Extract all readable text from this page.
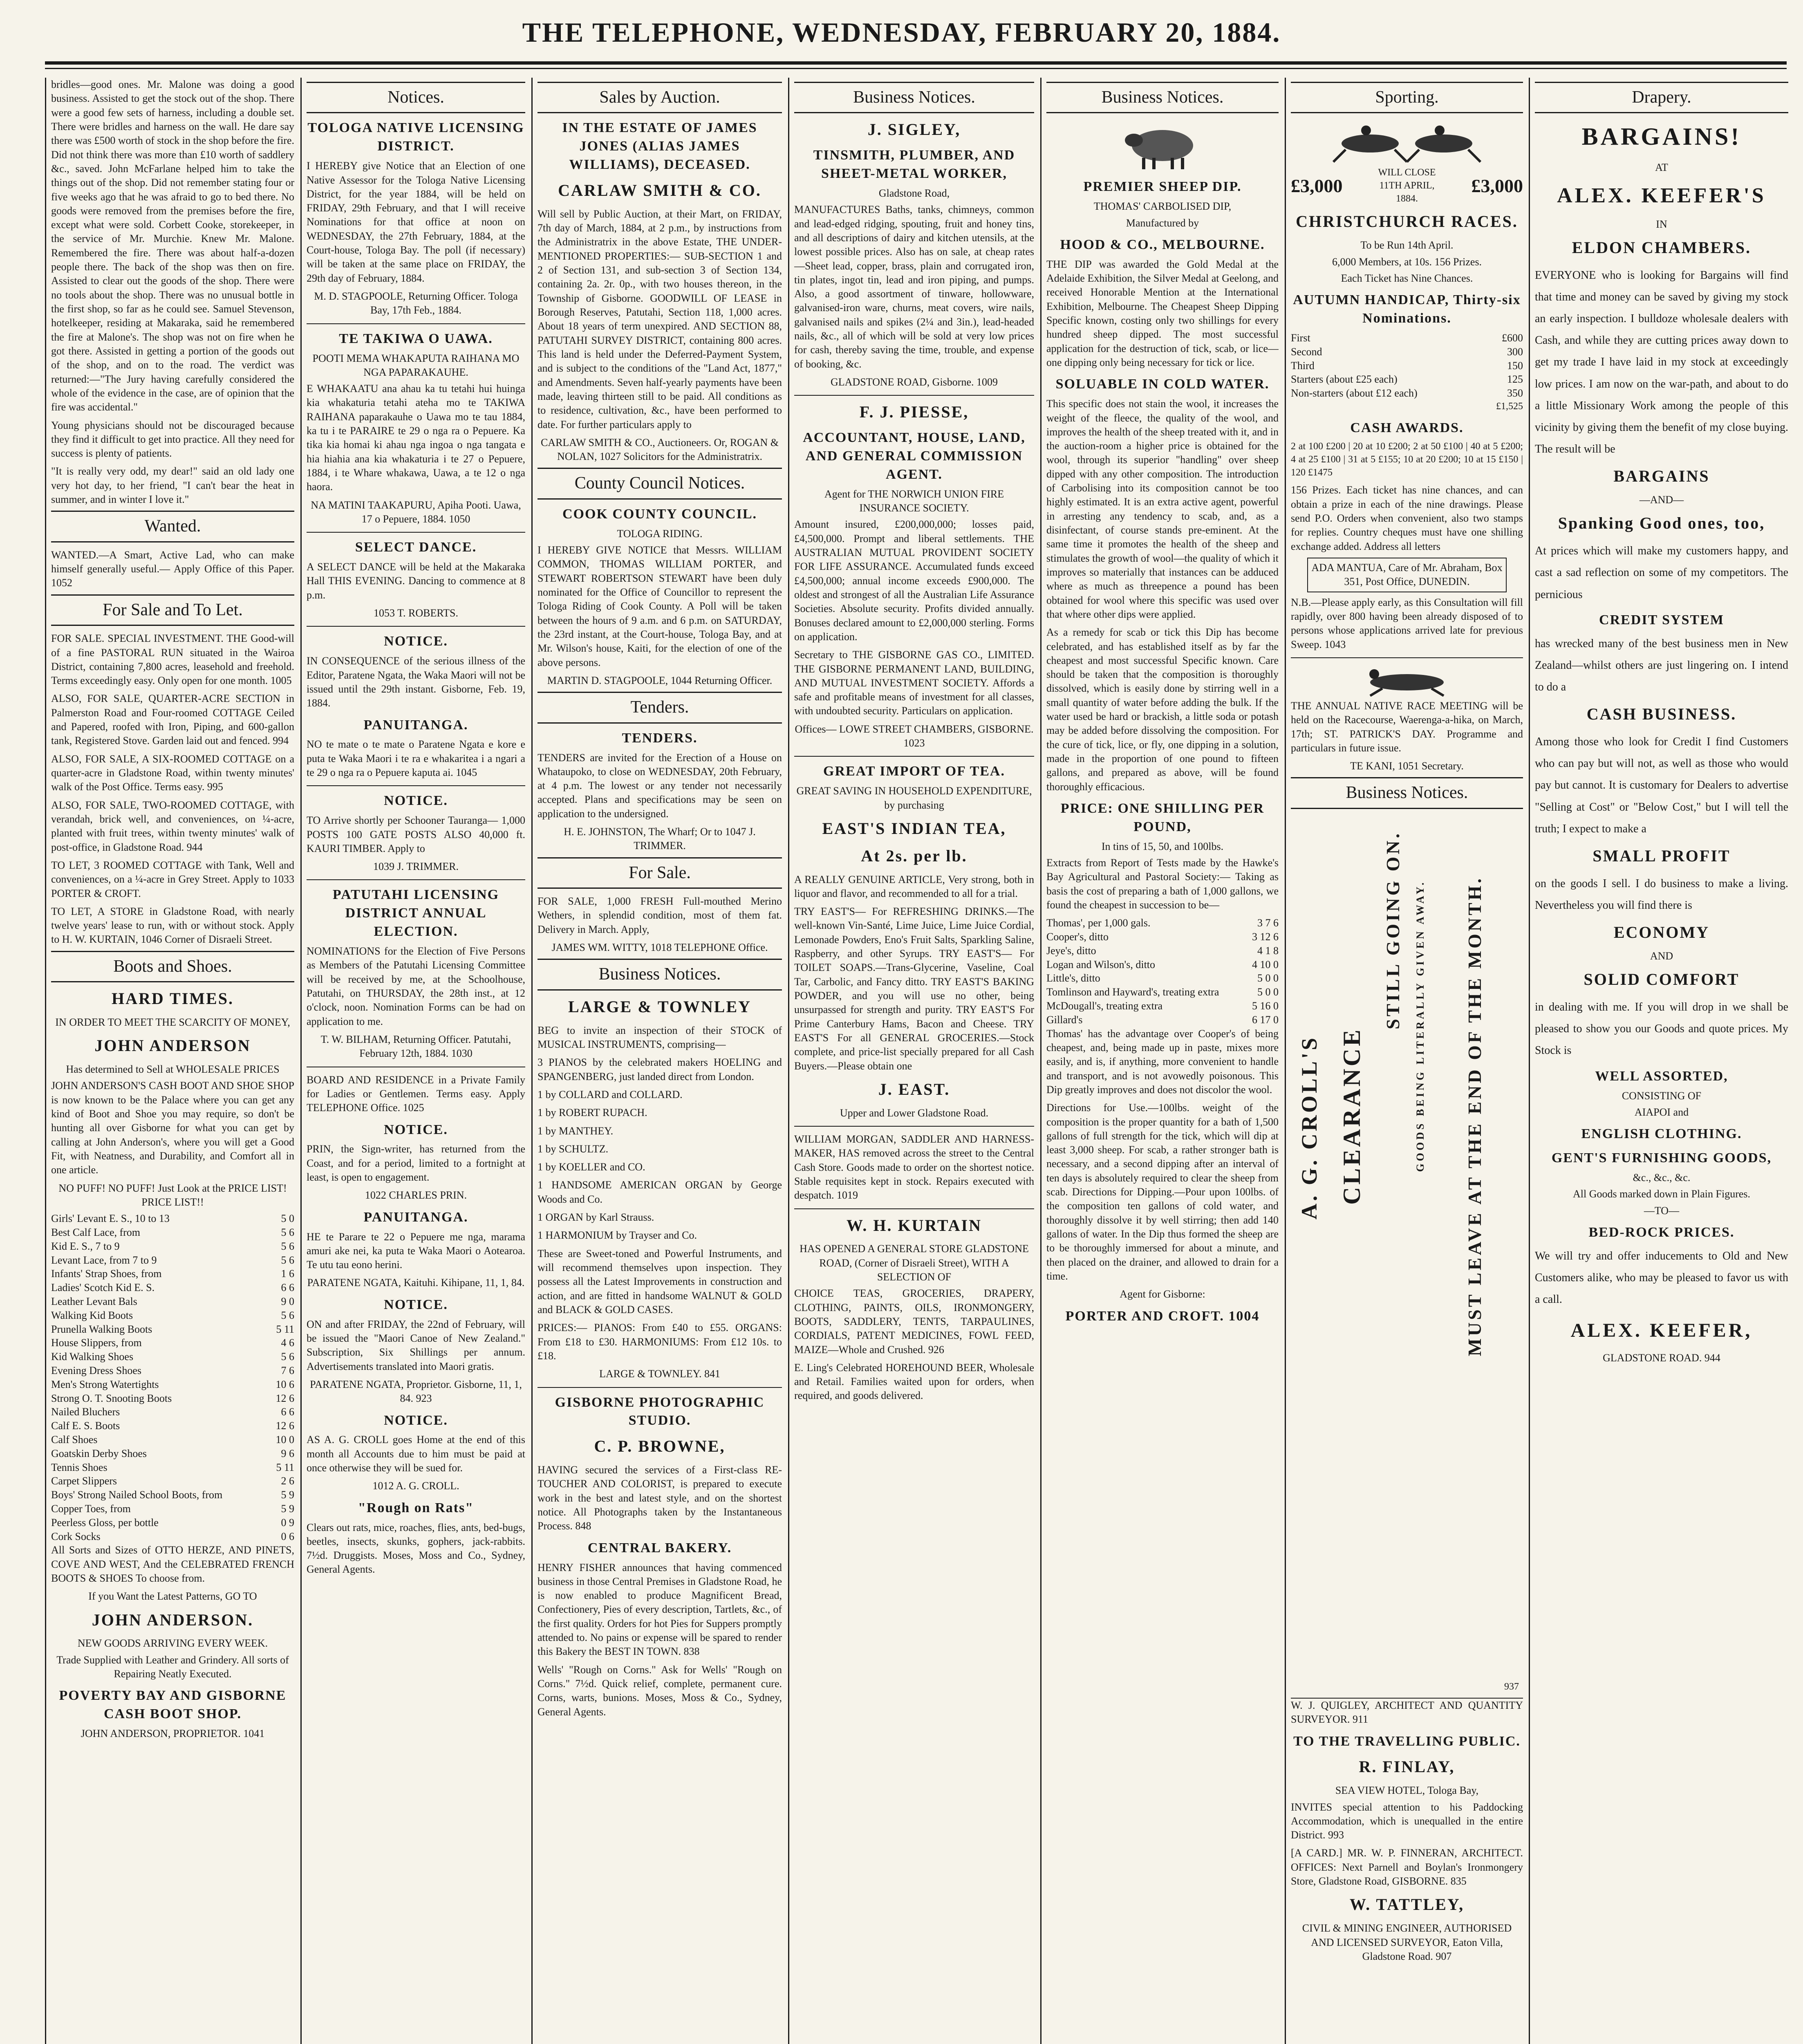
THE TELEPHONE, WEDNESDAY, FEBRUARY 20, 1884.

bridles—good ones. Mr. Malone was doing a good business. Assisted to get the stock out of the shop. There were a good few sets of harness, including a double set. There were bridles and harness on the wall. He dare say there was £500 worth of stock in the shop before the fire. Did not think there was more than £10 worth of saddlery &c., saved. John McFarlane helped him to take the things out of the shop. Did not remember stating four or five weeks ago that he was afraid to go to bed there. No goods were removed from the premises before the fire, except what were sold. Corbett Cooke, storekeeper, in the service of Mr. Murchie. Knew Mr. Malone. Remembered the fire. There was about half-a-dozen people there. The back of the shop was then on fire. Assisted to clear out the goods of the shop. There were no tools about the shop. There was no unusual bottle in the first shop, so far as he could see. Samuel Stevenson, hotelkeeper, residing at Makaraka, said he remembered the fire at Malone's. The shop was not on fire when he got there. Assisted in getting a portion of the goods out of the shop, and on to the road. The verdict was returned:—"The Jury having carefully considered the whole of the evidence in the case, are of opinion that the fire was accidental."

Young physicians should not be discouraged because they find it difficult to get into practice. All they need for success is plenty of patients.

"It is really very odd, my dear!" said an old lady one very hot day, to her friend, "I can't bear the heat in summer, and in winter I love it."

Wanted.

WANTED.—A Smart, Active Lad, who can make himself generally useful.— Apply Office of this Paper. 1052

For Sale and To Let.

FOR SALE. SPECIAL INVESTMENT. THE Good-will of a fine PASTORAL RUN situated in the Wairoa District, containing 7,800 acres, leasehold and freehold. Terms exceedingly easy. Only open for one month. 1005

ALSO, FOR SALE, QUARTER-ACRE SECTION in Palmerston Road and Four-roomed COTTAGE Ceiled and Papered, roofed with Iron, Piping, and 600-gallon tank, Registered Stove. Garden laid out and fenced. 994

ALSO, FOR SALE, A SIX-ROOMED COTTAGE on a quarter-acre in Gladstone Road, within twenty minutes' walk of the Post Office. Terms easy. 995

ALSO, FOR SALE, TWO-ROOMED COTTAGE, with verandah, brick well, and conveniences, on ¼-acre, planted with fruit trees, within twenty minutes' walk of post-office, in Gladstone Road. 944

TO LET, 3 ROOMED COTTAGE with Tank, Well and conveniences, on a ¼-acre in Grey Street. Apply to 1033 PORTER & CROFT.

TO LET, A STORE in Gladstone Road, with nearly twelve years' lease to run, with or without stock. Apply to H. W. KURTAIN, 1046 Corner of Disraeli Street.

Boots and Shoes.
HARD TIMES.
IN ORDER TO MEET THE SCARCITY OF MONEY,
JOHN ANDERSON
Has determined to Sell at WHOLESALE PRICES

JOHN ANDERSON'S CASH BOOT AND SHOE SHOP is now known to be the Palace where you can get any kind of Boot and Shoe you may require, so don't be hunting all over Gisborne for what you can get by calling at John Anderson's, where you will get a Good Fit, with Neatness, and Durability, and Comfort all in one article.

NO PUFF! NO PUFF! Just Look at the PRICE LIST! PRICE LIST!!
Girls' Levant E. S., 10 to 13	5 0
Best Calf Lace, from	5 6
Kid E. S., 7 to 9	5 6
Levant Lace, from 7 to 9	5 6
Infants' Strap Shoes, from	1 6
Ladies' Scotch Kid E. S.	6 6
Leather Levant Bals	9 0
Walking Kid Boots	5 6
Prunella Walking Boots	5 11
House Slippers, from	4 6
Kid Walking Shoes	5 6
Evening Dress Shoes	7 6
Men's Strong Watertights	10 6
Strong O. T. Snooting Boots	12 6
Nailed Bluchers	6 6
Calf E. S. Boots	12 6
Calf Shoes	10 0
Goatskin Derby Shoes	9 6
Tennis Shoes	5 11
Carpet Slippers	2 6
Boys' Strong Nailed School Boots, from	5 9
Copper Toes, from	5 9
Peerless Gloss, per bottle	0 9
Cork Socks	0 6

All Sorts and Sizes of OTTO HERZE, AND PINETS, COVE AND WEST, And the CELEBRATED FRENCH BOOTS & SHOES To choose from.

If you Want the Latest Patterns, GO TO
JOHN ANDERSON.
NEW GOODS ARRIVING EVERY WEEK.
Trade Supplied with Leather and Grindery. All sorts of Repairing Neatly Executed.
POVERTY BAY AND GISBORNE CASH BOOT SHOP.
JOHN ANDERSON, PROPRIETOR. 1041
Notices.
TOLOGA NATIVE LICENSING DISTRICT.

I HEREBY give Notice that an Election of one Native Assessor for the Tologa Native Licensing District, for the year 1884, will be held on FRIDAY, 29th February, and that I will receive Nominations for that office at noon on WEDNESDAY, the 27th February, 1884, at the Court-house, Tologa Bay. The poll (if necessary) will be taken at the same place on FRIDAY, the 29th day of February, 1884.

M. D. STAGPOOLE, Returning Officer. Tologa Bay, 17th Feb., 1884.
TE TAKIWA O UAWA.
POOTI MEMA WHAKAPUTA RAIHANA MO NGA PAPARAKAUHE.

E WHAKAATU ana ahau ka tu tetahi hui huinga kia whakaturia tetahi ateha mo te TAKIWA RAIHANA paparakauhe o Uawa mo te tau 1884, ka tu i te PARAIRE te 29 o nga ra o Pepuere. Ka tika kia homai ki ahau nga ingoa o nga tangata e hia hiahia ana kia whakaturia i te 27 o Pepuere, 1884, i te Whare whakawa, Uawa, a te 12 o nga haora.

NA MATINI TAAKAPURU, Apiha Pooti. Uawa, 17 o Pepuere, 1884. 1050
SELECT DANCE.

A SELECT DANCE will be held at the Makaraka Hall THIS EVENING. Dancing to commence at 8 p.m.

1053 T. ROBERTS.
NOTICE.

IN CONSEQUENCE of the serious illness of the Editor, Paratene Ngata, the Waka Maori will not be issued until the 29th instant. Gisborne, Feb. 19, 1884.

PANUITANGA.

NO te mate o te mate o Paratene Ngata e kore e puta te Waka Maori i te ra e whakaritea i a ngari a te 29 o nga ra o Pepuere kaputa ai. 1045

NOTICE.

TO Arrive shortly per Schooner Taurangа— 1,000 POSTS 100 GATE POSTS ALSO 40,000 ft. KAURI TIMBER. Apply to

1039 J. TRIMMER.
PATUTAHI LICENSING DISTRICT ANNUAL ELECTION.

NOMINATIONS for the Election of Five Persons as Members of the Patutahi Licensing Committee will be received by me, at the Schoolhouse, Patutahi, on THURSDAY, the 28th inst., at 12 o'clock, noon. Nomination Forms can be had on application to me.

T. W. BILHAM, Returning Officer. Patutahi, February 12th, 1884. 1030

BOARD AND RESIDENCE in a Private Family for Ladies or Gentlemen. Terms easy. Apply TELEPHONE Office. 1025

NOTICE.

PRIN, the Sign-writer, has returned from the Coast, and for a period, limited to a fortnight at least, is open to engagement.

1022 CHARLES PRIN.
PANUITANGA.

HE te Parare te 22 o Pepuere me nga, marama amuri ake nei, ka puta te Waka Maori o Aotearoa. Te utu tau eono herini.

PARATENE NGATA, Kaituhi. Kihipane, 11, 1, 84.
NOTICE.

ON and after FRIDAY, the 22nd of February, will be issued the "Maori Canoe of New Zealand." Subscription, Six Shillings per annum. Advertisements translated into Maori gratis.

PARATENE NGATA, Proprietor. Gisborne, 11, 1, 84. 923
NOTICE.

AS A. G. CROLL goes Home at the end of this month all Accounts due to him must be paid at once otherwise they will be sued for.

1012 A. G. CROLL.
"Rough on Rats"

Clears out rats, mice, roaches, flies, ants, bed-bugs, beetles, insects, skunks, gophers, jack-rabbits. 7½d. Druggists. Moses, Moss and Co., Sydney, General Agents.

Sales by Auction.
IN THE ESTATE OF JAMES JONES (ALIAS JAMES WILLIAMS), DECEASED.
CARLAW SMITH & CO.

Will sell by Public Auction, at their Mart, on FRIDAY, 7th day of March, 1884, at 2 p.m., by instructions from the Administratrix in the above Estate, THE UNDER-MENTIONED PROPERTIES:— SUB-SECTION 1 and 2 of Section 131, and sub-section 3 of Section 134, containing 2a. 2r. 0p., with two houses thereon, in the Township of Gisborne. GOODWILL OF LEASE in Borough Reserves, Patutahi, Section 118, 1,000 acres. About 18 years of term unexpired. AND SECTION 88, PATUTAHI SURVEY DISTRICT, containing 800 acres. This land is held under the Deferred-Payment System, and is subject to the conditions of the "Land Act, 1877," and Amendments. Seven half-yearly payments have been made, leaving thirteen still to be paid. All conditions as to residence, cultivation, &c., have been performed to date. For further particulars apply to

CARLAW SMITH & CO., Auctioneers. Or, ROGAN & NOLAN, 1027 Solicitors for the Administratrix.
County Council Notices.
COOK COUNTY COUNCIL.
TOLOGA RIDING.

I HEREBY GIVE NOTICE that Messrs. WILLIAM COMMON, THOMAS WILLIAM PORTER, and STEWART ROBERTSON STEWART have been duly nominated for the Office of Councillor to represent the Tologa Riding of Cook County. A Poll will be taken between the hours of 9 a.m. and 6 p.m. on SATURDAY, the 23rd instant, at the Court-house, Tologa Bay, and at Mr. Wilson's house, Kaiti, for the election of one of the above persons.

MARTIN D. STAGPOOLE, 1044 Returning Officer.
Tenders.
TENDERS.

TENDERS are invited for the Erection of a House on Whataupoko, to close on WEDNESDAY, 20th February, at 4 p.m. The lowest or any tender not necessarily accepted. Plans and specifications may be seen on application to the undersigned.

H. E. JOHNSTON, The Wharf; Or to 1047 J. TRIMMER.
For Sale.

FOR SALE, 1,000 FRESH Full-mouthed Merino Wethers, in splendid condition, most of them fat. Delivery in March. Apply,

JAMES WM. WITTY, 1018 TELEPHONE Office.
Business Notices.
LARGE & TOWNLEY

BEG to invite an inspection of their STOCK of MUSICAL INSTRUMENTS, comprising—

3 PIANOS by the celebrated makers HOELING and SPANGENBERG, just landed direct from London.

1 by COLLARD and COLLARD.

1 by ROBERT RUPACH.

1 by MANTHEY.

1 by SCHULTZ.

1 by KOELLER and CO.

1 HANDSOME AMERICAN ORGAN by George Woods and Co.

1 ORGAN by Karl Strauss.

1 HARMONIUM by Trayser and Co.

These are Sweet-toned and Powerful Instruments, and will recommend themselves upon inspection. They possess all the Latest Improvements in construction and action, and are fitted in handsome WALNUT & GOLD and BLACK & GOLD CASES.

PRICES:— PIANOS: From £40 to £55. ORGANS: From £18 to £30. HARMONIUMS: From £12 10s. to £18.

LARGE & TOWNLEY. 841
GISBORNE PHOTOGRAPHIC STUDIO.
C. P. BROWNE,

HAVING secured the services of a First-class RE-TOUCHER AND COLORIST, is prepared to execute work in the best and latest style, and on the shortest notice. All Photographs taken by the Instantaneous Process. 848

CENTRAL BAKERY.

HENRY FISHER announces that having commenced business in those Central Premises in Gladstone Road, he is now enabled to produce Magnificent Bread, Confectionery, Pies of every description, Tartlets, &c., of the first quality. Orders for hot Pies for Suppers promptly attended to. No pains or expense will be spared to render this Bakery the BEST IN TOWN. 838

Wells' "Rough on Corns." Ask for Wells' "Rough on Corns." 7½d. Quick relief, complete, permanent cure. Corns, warts, bunions. Moses, Moss & Co., Sydney, General Agents.

Business Notices.
J. SIGLEY,
TINSMITH, PLUMBER, AND SHEET-METAL WORKER,
Gladstone Road,

MANUFACTURES Baths, tanks, chimneys, common and lead-edged ridging, spouting, fruit and honey tins, and all descriptions of dairy and kitchen utensils, at the lowest possible prices. Also has on sale, at cheap rates—Sheet lead, copper, brass, plain and corrugated iron, tin plates, ingot tin, lead and iron piping, and pumps. Also, a good assortment of tinware, hollowware, galvanised-iron ware, churns, meat covers, wire nails, galvanised nails and spikes (2¼ and 3in.), lead-headed nails, &c., all of which will be sold at very low prices for cash, thereby saving the time, trouble, and expense of booking, &c.

GLADSTONE ROAD, Gisborne. 1009
F. J. PIESSE,
ACCOUNTANT, HOUSE, LAND, AND GENERAL COMMISSION AGENT.
Agent for THE NORWICH UNION FIRE INSURANCE SOCIETY.

Amount insured, £200,000,000; losses paid, £4,500,000. Prompt and liberal settlements. THE AUSTRALIAN MUTUAL PROVIDENT SOCIETY FOR LIFE ASSURANCE. Accumulated funds exceed £4,500,000; annual income exceeds £900,000. The oldest and strongest of all the Australian Life Assurance Societies. Absolute security. Profits divided annually. Bonuses declared amount to £2,000,000 sterling. Forms on application.

Secretary to THE GISBORNE GAS CO., LIMITED. THE GISBORNE PERMANENT LAND, BUILDING, AND MUTUAL INVESTMENT SOCIETY. Affords a safe and profitable means of investment for all classes, with undoubted security. Particulars on application.

Offices— LOWE STREET CHAMBERS, GISBORNE. 1023
GREAT IMPORT OF TEA.
GREAT SAVING IN HOUSEHOLD EXPENDITURE, by purchasing
EAST'S INDIAN TEA,
At 2s. per lb.

A REALLY GENUINE ARTICLE, Very strong, both in liquor and flavor, and recommended to all for a trial.

TRY EAST'S— For REFRESHING DRINKS.—The well-known Vin-Santé, Lime Juice, Lime Juice Cordial, Lemonade Powders, Eno's Fruit Salts, Sparkling Saline, Raspberry, and other Syrups. TRY EAST'S— For TOILET SOAPS.—Trans-Glycerine, Vaseline, Coal Tar, Carbolic, and Fancy ditto. TRY EAST'S BAKING POWDER, and you will use no other, being unsurpassed for strength and purity. TRY EAST'S For Prime Canterbury Hams, Bacon and Cheese. TRY EAST'S For all GENERAL GROCERIES.—Stock complete, and price-list specially prepared for all Cash Buyers.—Please obtain one

J. EAST.
Upper and Lower Gladstone Road.

WILLIAM MORGAN, SADDLER AND HARNESS-MAKER, HAS removed across the street to the Central Cash Store. Goods made to order on the shortest notice. Stable requisites kept in stock. Repairs executed with despatch. 1019

W. H. KURTAIN
HAS OPENED A GENERAL STORE GLADSTONE ROAD, (Corner of Disraeli Street), WITH A SELECTION OF

CHOICE TEAS, GROCERIES, DRAPERY, CLOTHING, PAINTS, OILS, IRONMONGERY, BOOTS, SADDLERY, TENTS, TARPAULINES, CORDIALS, PATENT MEDICINES, FOWL FEED, MAIZE—Whole and Crushed. 926

E. Ling's Celebrated HOREHOUND BEER, Wholesale and Retail. Families waited upon for orders, when required, and goods delivered.

Business Notices.
PREMIER SHEEP DIP.
THOMAS' CARBOLISED DIP,
Manufactured by
HOOD & CO., MELBOURNE.

THE DIP was awarded the Gold Medal at the Adelaide Exhibition, the Silver Medal at Geelong, and received Honorable Mention at the International Exhibition, Melbourne. The Cheapest Sheep Dipping Specific known, costing only two shillings for every hundred sheep dipped. The most successful application for the destruction of tick, scab, or lice—one dipping only being necessary for tick or lice.

SOLUABLE IN COLD WATER.

This specific does not stain the wool, it increases the weight of the fleece, the quality of the wool, and improves the health of the sheep treated with it, and in the auction-room a higher price is obtained for the wool, through its superior "handling" over sheep dipped with any other composition. The introduction of Carbolising into its composition cannot be too highly estimated. It is an extra active agent, powerful in arresting any tendency to scab, and, as a disinfectant, of course stands pre-eminent. At the same time it promotes the health of the sheep and stimulates the growth of wool—the quality of which it improves so materially that instances can be adduced where as much as threepence a pound has been obtained for wool where this specific was used over that where other dips were applied.

As a remedy for scab or tick this Dip has become celebrated, and has established itself as by far the cheapest and most successful Specific known. Care should be taken that the composition is thoroughly dissolved, which is easily done by stirring well in a small quantity of water before adding the bulk. If the water used be hard or brackish, a little soda or potash may be added before dissolving the composition. For the cure of tick, lice, or fly, one dipping in a solution, made in the proportion of one pound to fifteen gallons, and prepared as above, will be found thoroughly efficacious.

PRICE: ONE SHILLING PER POUND,
In tins of 15, 50, and 100lbs.

Extracts from Report of Tests made by the Hawke's Bay Agricultural and Pastoral Society:— Taking as basis the cost of preparing a bath of 1,000 gallons, we found the cheapest in succession to be—

Thomas', per 1,000 gals.	3 7 6
Cooper's, ditto	3 12 6
Jeye's, ditto	4 1 8
Logan and Wilson's, ditto	4 10 0
Little's, ditto	5 0 0
Tomlinson and Hayward's, treating extra	5 0 0
McDougall's, treating extra	5 16 0
Gillard's	6 17 0

Thomas' has the advantage over Cooper's of being cheapest, and, being made up in paste, mixes more easily, and is, if anything, more convenient to handle and transport, and is not avowedly poisonous. This Dip greatly improves and does not discolor the wool.

Directions for Use.—100lbs. weight of the composition is the proper quantity for a bath of 1,500 gallons of full strength for the tick, which will dip at least 3,000 sheep. For scab, a rather stronger bath is necessary, and a second dipping after an interval of ten days is absolutely required to clear the sheep from scab. Directions for Dipping.—Pour upon 100lbs. of the composition ten gallons of cold water, and thoroughly dissolve it by well stirring; then add 140 gallons of water. In the Dip thus formed the sheep are to be thoroughly immersed for about a minute, and then placed on the drainer, and allowed to drain for a time.

Agent for Gisborne:
PORTER AND CROFT. 1004
Sporting.
£3,000
WILL CLOSE 11TH APRIL, 1884.
£3,000
CHRISTCHURCH RACES.
To be Run 14th April.
6,000 Members, at 10s. 156 Prizes.
Each Ticket has Nine Chances.
AUTUMN HANDICAP, Thirty-six Nominations.
First	£600
Second	300
Third	150
Starters (about £25 each)	125
Non-starters (about £12 each)	350
£1,525
CASH AWARDS.

2 at 100 £200 | 20 at 10 £200; 2 at 50 £100 | 40 at 5 £200; 4 at 25 £100 | 31 at 5 £155; 10 at 20 £200; 10 at 15 £150 | 120 £1475

156 Prizes. Each ticket has nine chances, and can obtain a prize in each of the nine drawings. Please send P.O. Orders when convenient, also two stamps for replies. Country cheques must have one shilling exchange added. Address all letters

ADA MANTUA, Care of Mr. Abraham, Box 351, Post Office, DUNEDIN.

N.B.—Please apply early, as this Consultation will fill rapidly, over 800 having been already disposed of to persons whose applications arrived late for previous Sweep. 1043

THE ANNUAL NATIVE RACE MEETING will be held on the Racecourse, Waerenga-a-hika, on March, 17th; ST. PATRICK'S DAY. Programme and particulars in future issue.

TE KANI, 1051 Secretary.
Business Notices.
A. G. CROLL'S CLEARANCE
STILL GOING ON. GOODS BEING LITERALLY GIVEN AWAY. MUST LEAVE AT THE END OF THE MONTH.
937

W. J. QUIGLEY, ARCHITECT AND QUANTITY SURVEYOR. 911

TO THE TRAVELLING PUBLIC.
R. FINLAY,
SEA VIEW HOTEL, Tologa Bay,

INVITES special attention to his Paddocking Accommodation, which is unequalled in the entire District. 993

[A CARD.] MR. W. P. FINNERAN, ARCHITECT. OFFICES: Next Parnell and Boylan's Ironmongery Store, Gladstone Road, GISBORNE. 835

W. TATTLEY,
CIVIL & MINING ENGINEER, AUTHORISED AND LICENSED SURVEYOR, Eaton Villa, Gladstone Road. 907
Drapery.
BARGAINS!
AT
ALEX. KEEFER'S
IN
ELDON CHAMBERS.

EVERYONE who is looking for Bargains will find that time and money can be saved by giving my stock an early inspection. I bulldoze wholesale dealers with Cash, and while they are cutting prices away down to get my trade I have laid in my stock at exceedingly low prices. I am now on the war-path, and about to do a little Missionary Work among the people of this vicinity by giving them the benefit of my close buying. The result will be

BARGAINS
—AND—
Spanking Good ones, too,

At prices which will make my customers happy, and cast a sad reflection on some of my competitors. The pernicious

CREDIT SYSTEM

has wrecked many of the best business men in New Zealand—whilst others are just lingering on. I intend to do a

CASH BUSINESS.

Among those who look for Credit I find Customers who can pay but will not, as well as those who would pay but cannot. It is customary for Dealers to advertise "Selling at Cost" or "Below Cost," but I will tell the truth; I expect to make a

SMALL PROFIT

on the goods I sell. I do business to make a living. Nevertheless you will find there is

ECONOMY
AND
SOLID COMFORT

in dealing with me. If you will drop in we shall be pleased to show you our Goods and quote prices. My Stock is

WELL ASSORTED,
CONSISTING OF
AIAPOI and
ENGLISH CLOTHING.
GENT'S FURNISHING GOODS,
&c., &c., &c.
All Goods marked down in Plain Figures.
—TO—
BED-ROCK PRICES.

We will try and offer inducements to Old and New Customers alike, who may be pleased to favor us with a call.

ALEX. KEEFER,
GLADSTONE ROAD. 944
